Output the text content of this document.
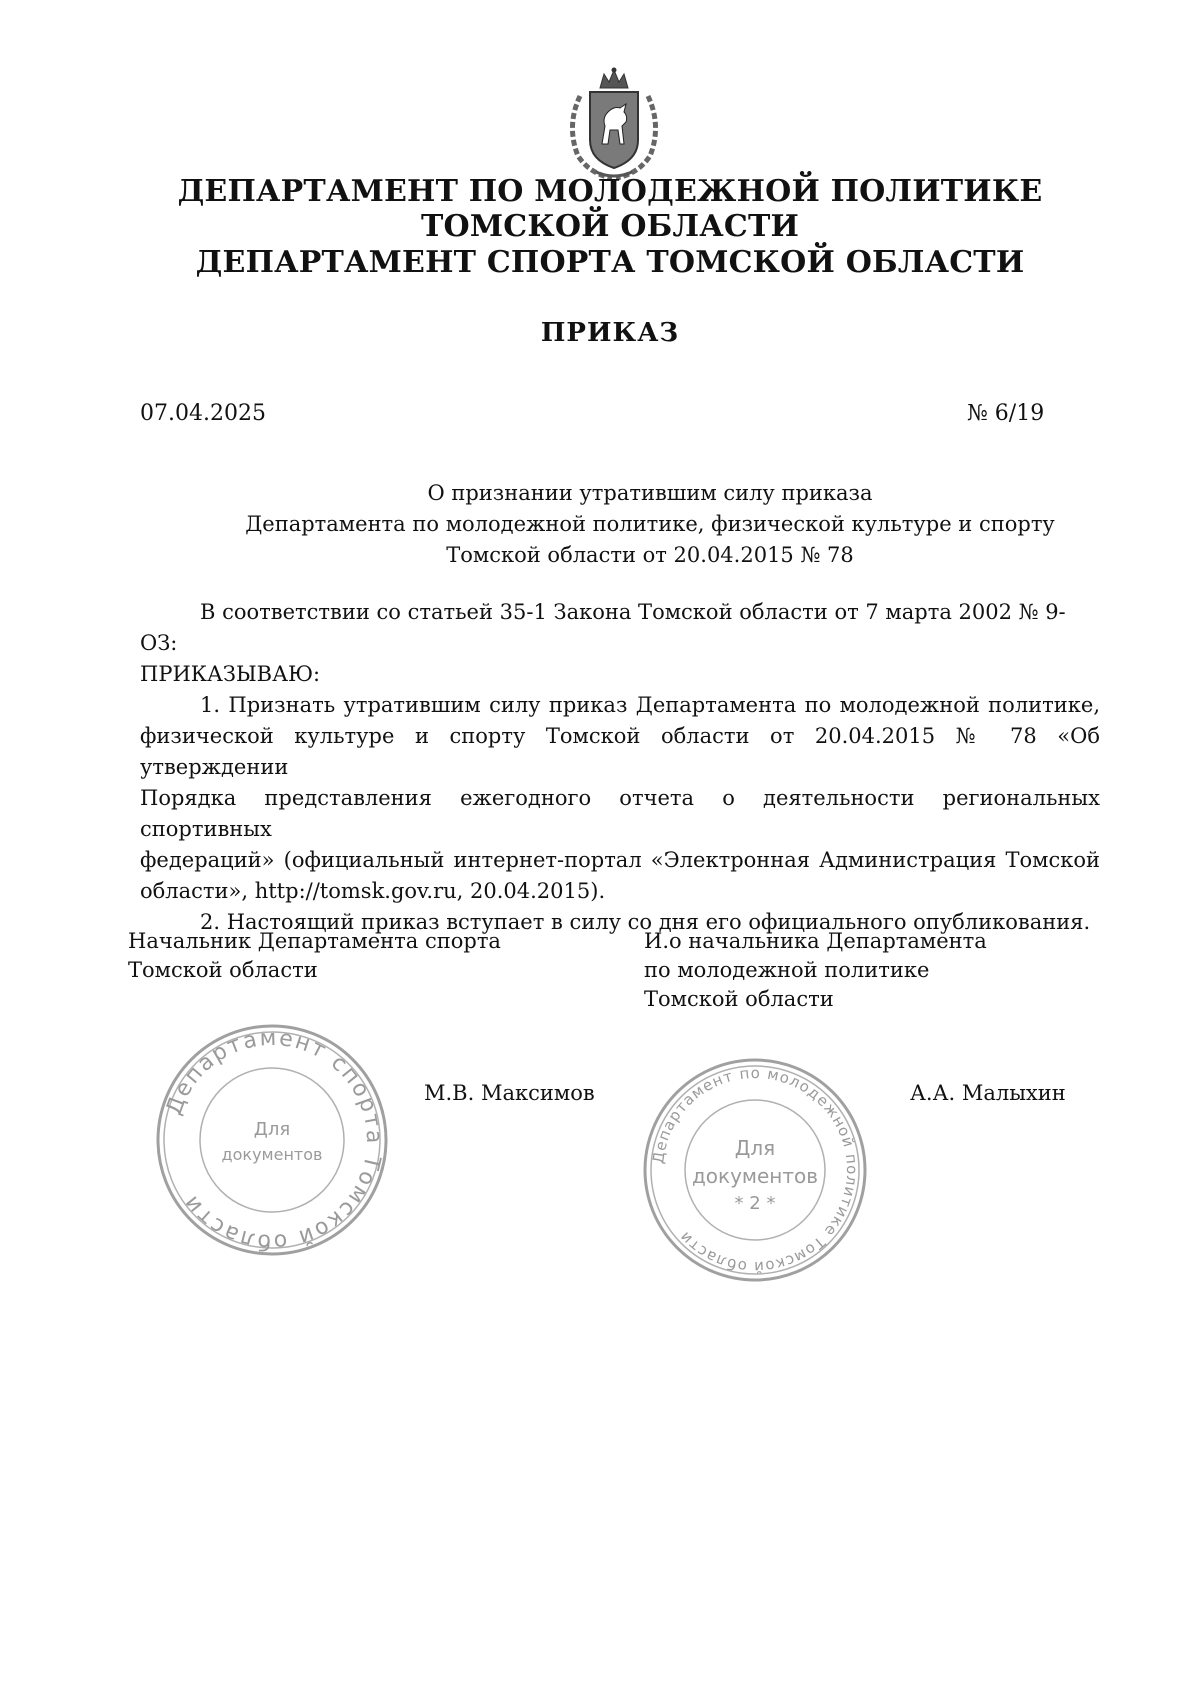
ДЕПАРТАМЕНТ ПО МОЛОДЕЖНОЙ ПОЛИТИКЕ
ТОМСКОЙ ОБЛАСТИ
ДЕПАРТАМЕНТ СПОРТА ТОМСКОЙ ОБЛАСТИ
ПРИКАЗ
07.04.2025	№ 6/19
О признании утратившим силу приказа
Департамента по молодежной политике, физической культуре и спорту
Томской области от 20.04.2015 № 78

В соответствии со статьей 35-1 Закона Томской области от 7 марта 2002 № 9-ОЗ:

ПРИКАЗЫВАЮ:

1. Признать утратившим силу приказ Департамента по молодежной политике,

физической культуре и спорту Томской области от 20.04.2015 № 78 «Об утверждении

Порядка представления ежегодного отчета о деятельности региональных спортивных

федераций» (официальный интернет-портал «Электронная Администрация Томской

области», http://tomsk.gov.ru, 20.04.2015).

2. Настоящий приказ вступает в силу со дня его официального опубликования.

Начальник Департамента спорта
Томской области
М.В. Максимов
И.о начальника Департамента
по молодежной политике
Томской области
А.А. Малыхин
Департамент спорта Томской области
Для
документов	Департамент по молодежной политике Томской области
Для
документов
* 2 *
